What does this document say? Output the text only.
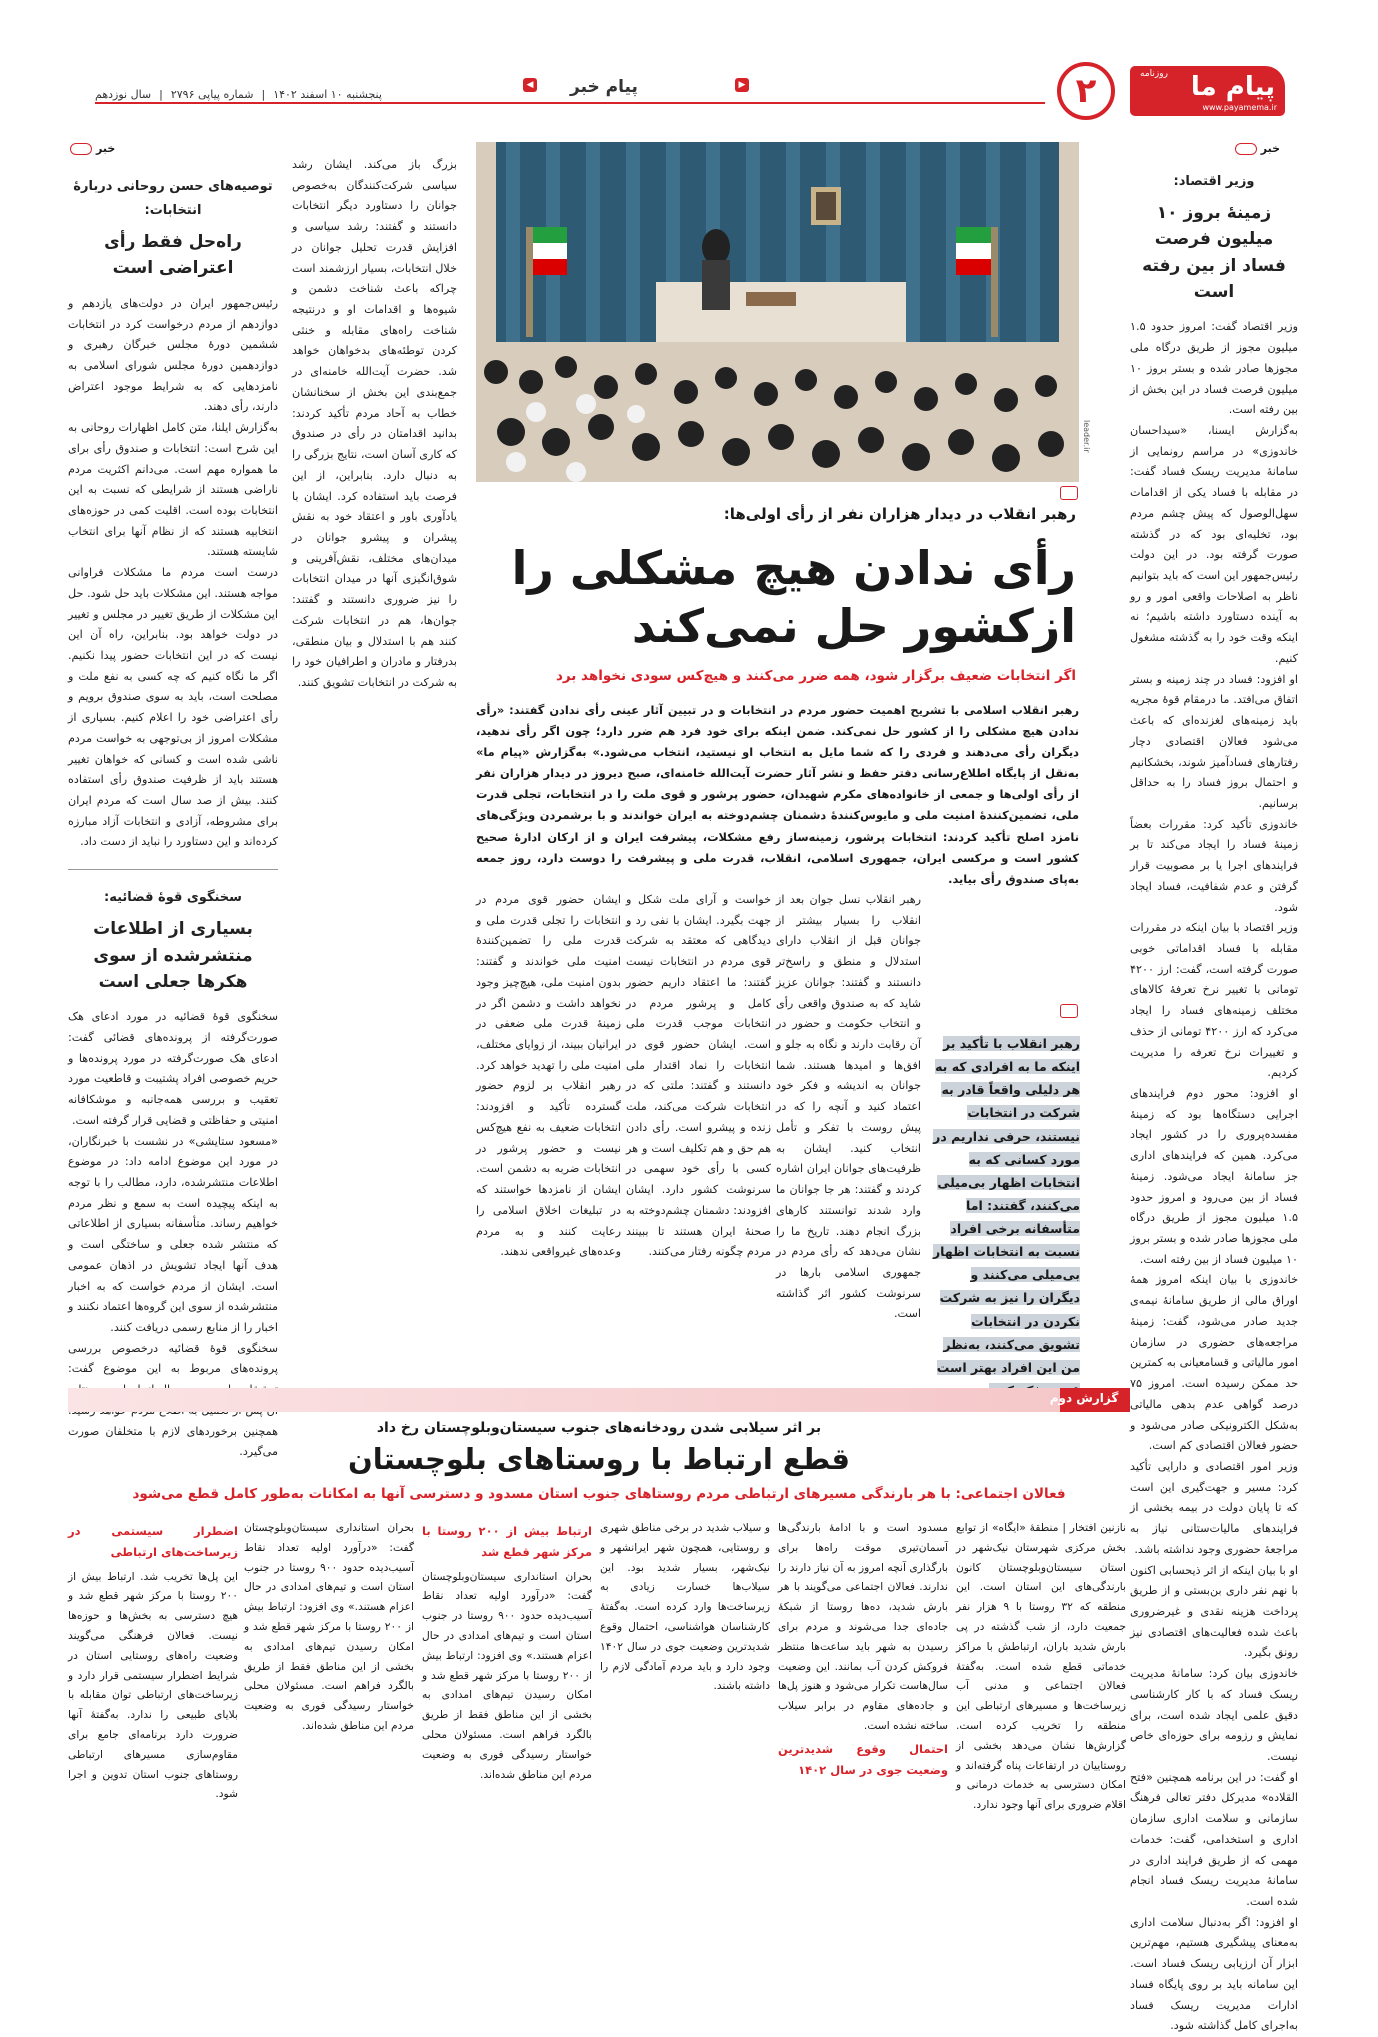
روزنامه پیام ما
www.payamema.ir
۲
▶
پیام خبر
◀
پنجشنبه ۱۰ اسفند ۱۴۰۲
|
شماره پیاپی ۲۷۹۶
|
سال نوزدهم
خبر
وزیر اقتصاد:
زمینۀ بروز ۱۰ میلیون فرصت فساد از بین رفته است

وزیر اقتصاد گفت: امروز حدود ۱.۵ میلیون مجوز از طریق درگاه ملی مجوزها صادر شده و بستر بروز ۱۰ میلیون فرصت فساد در این بخش از بین رفته است.

به‌گزارش ایسنا، «سیداحسان خاندوزی» در مراسم رونمایی از سامانۀ مدیریت ریسک فساد گفت: در مقابله با فساد یکی از اقدامات سهل‌الوصول که پیش چشم مردم بود، تخلیه‌ای بود که در گذشته صورت گرفته بود. در این دولت رئیس‌جمهور این است که باید بتوانیم ناظر به اصلاحات واقعی امور و رو به آینده دستاورد داشته باشیم؛ نه اینکه وقت خود را به گذشته مشغول کنیم.

او افزود: فساد در چند زمینه و بستر اتفاق می‌افتد. ما درمقام قوۀ مجریه باید زمینه‌های لغزنده‌ای که باعث می‌شود فعالان اقتصادی دچار رفتارهای فسادآمیز شوند، بخشکانیم و احتمال بروز فساد را به حداقل برسانیم.

خاندوزی تأکید کرد: مقررات بعضاً زمینۀ فساد را ایجاد می‌کند تا بر فرایندهای اجرا یا بر مصوبیت قرار گرفتن و عدم شفافیت، فساد ایجاد شود.

وزیر اقتصاد با بیان اینکه در مقررات مقابله با فساد اقداماتی خوبی صورت گرفته است، گفت: ارز ۴۲۰۰ تومانی با تغییر نرخ تعرفۀ کالاهای مختلف زمینه‌های فساد را ایجاد می‌کرد که ارز ۴۲۰۰ تومانی از حذف و تغییرات نرخ تعرفه را مدیریت کردیم.

او افزود: محور دوم فرایندهای اجرایی دستگاه‌ها بود که زمینۀ مفسده‌پروری را در کشور ایجاد می‌کرد. همین که فرایندهای اداری جز سامانۀ ایجاد می‌شود. زمینۀ فساد از بین می‌رود و امروز حدود ۱.۵ میلیون مجوز از طریق درگاه ملی مجوزها صادر شده و بستر بروز ۱۰ میلیون فساد از بین رفته است.

خاندوزی با بیان اینکه امروز همۀ اوراق مالی از طریق سامانۀ نیمه‌ی جدید صادر می‌شود، گفت: زمینۀ مراجعه‌های حضوری در سازمان امور مالیاتی و قسامعیانی به کمترین حد ممکن رسیده است. امروز ۷۵ درصد گواهی عدم بدهی مالیاتی به‌شکل الکترونیکی صادر می‌شود و حضور فعالان اقتصادی کم است.

وزیر امور اقتصادی و دارایی تأکید کرد: مسیر و جهت‌گیری این است که تا پایان دولت در بیمه بخشی از فرایندهای مالیات‌ستانی نیاز به مراجعۀ حضوری وجود نداشته باشد.

او با بیان اینکه از اثر ذیحسابی اکنون با نهم نفر داری بن‌بستی و از طریق پرداخت هزینه نقدی و غیرضروری باعث شده فعالیت‌های اقتصادی نیز رونق بگیرد.

خاندوزی بیان کرد: سامانۀ مدیریت ریسک فساد که با کار کارشناسی دقیق علمی ایجاد شده است، برای نمایش و رزومه برای حوزه‌ای خاص نیست.

او گفت: در این برنامه همچنین «فتح القلاده» مدیرکل دفتر تعالی فرهنگ سازمانی و سلامت اداری سازمان اداری و استخدامی، گفت: خدمات مهمی که از طریق فرایند اداری در سامانۀ مدیریت ریسک فساد انجام شده است.

او افزود: اگر به‌دنبال سلامت اداری به‌معنای پیشگیری هستیم، مهم‌ترین ابزار آن ارزیابی ریسک فساد است. این سامانه باید بر روی پایگاه فساد ادارات مدیریت ریسک فساد به‌اجرای کامل گذاشته شود.

leader.ir
رهبر انقلاب در دیدار هزاران نفر از رأی اولی‌ها:
رأی ندادن هیچ مشکلی را
ازکشور حل نمی‌کند
اگر انتخابات ضعیف برگزار شود، همه ضرر می‌کنند و هیچ‌کس سودی نخواهد برد
رهبر انقلاب اسلامی با تشریح اهمیت حضور مردم در انتخابات و در تبیین آثار عینی رأی ندادن گفتند: «رأی ندادن هیچ مشکلی را از کشور حل نمی‌کند. ضمن اینکه برای خود فرد هم ضرر دارد؛ چون اگر رأی ندهید، دیگران رأی می‌دهند و فردی را که شما مایل به انتخاب او نیستید، انتخاب می‌شود.» به‌گزارش «پیام ما» به‌نقل از پایگاه اطلاع‌رسانی دفتر حفظ و نشر آثار حضرت آیت‌الله خامنه‌ای، صبح دیروز در دیدار هزاران نفر از رأی اولی‌ها و جمعی از خانواده‌های مکرم شهیدان، حضور پرشور و قوی ملت را در انتخابات، تجلی قدرت ملی، تضمین‌کنندۀ امنیت ملی و مایوس‌کنندۀ دشمنان چشم‌دوخته به ایران خواندند و با برشمردن ویژگی‌های نامزد اصلح تأکید کردند: انتخابات پرشور، زمینه‌ساز رفع مشکلات، پیشرفت ایران و از ارکان ادارۀ صحیح کشور است و مرکسی ایران، جمهوری اسلامی، انقلاب، قدرت ملی و پیشرفت را دوست دارد، روز جمعه به‌پای صندوق رأی بیاید.
رهبر انقلاب با تأکید بر اینکه ما به افرادی که به هر دلیلی واقعاً قادر به شرکت در انتخابات نیستند، حرفی نداریم در مورد کسانی که به انتخابات اظهار بی‌میلی می‌کنند، گفتند: اما متأسفانه برخی افراد نسبت به انتخابات اظهار بی‌میلی می‌کنند و دیگران را نیز به شرکت نکردن در انتخابات تشویق می‌کنند، به‌نظر من این افراد بهتر است
رهبر انقلاب نسل جوان بعد از انقلاب را بسیار بیشتر از جوانان قبل از انقلاب دارای استدلال و منطق و راسخ‌تر دانستند و گفتند: جوانان عزیز شاید که به صندوق واقعی رأی و انتخاب حکومت و حضور در آن رقابت دارند و نگاه به جلو و افق‌ها و امیدها هستند. شما جوانان به اندیشه و فکر خود اعتماد کنید و آنچه را که در پیش روست با تفکر و تأمل انتخاب کنید. ایشان به ظرفیت‌های جوانان ایران اشاره کردند و گفتند: هر جا جوانان ما وارد شدند توانستند کارهای بزرگ انجام دهند. تاریخ ما را نشان می‌دهد که رأی مردم در جمهوری اسلامی بارها در سرنوشت کشور اثر گذاشته است.
خواست و آرای ملت شکل و جهت بگیرد. ایشان با نفی رد و دیدگاهی که معتقد به شرکت قوی مردم در انتخابات نیست گفتند: ما اعتقاد داریم حضور کامل و پرشور مردم در انتخابات موجب قدرت ملی است. ایشان حضور قوی در انتخابات را نماد اقتدار ملی دانستند و گفتند: ملتی که در انتخابات شرکت می‌کند، ملت زنده و پیشرو است. رأی دادن هم حق و هم تکلیف است و هر کسی با رأی خود سهمی در سرنوشت کشور دارد. ایشان افزودند: دشمنان چشم‌دوخته به صحنۀ ایران هستند تا ببینند مردم چگونه رفتار می‌کنند.
ایشان حضور قوی مردم در انتخابات را تجلی قدرت ملی و قدرت ملی را تضمین‌کنندۀ امنیت ملی خواندند و گفتند: بدون امنیت ملی، هیچ‌چیز وجود نخواهد داشت و دشمن اگر در زمینۀ قدرت ملی ضعفی در ایرانیان ببیند، از زوایای مختلف، امنیت ملی را تهدید خواهد کرد. رهبر انقلاب بر لزوم حضور گسترده تأکید و افزودند: انتخابات ضعیف به نفع هیچ‌کس نیست و حضور پرشور در انتخابات ضربه به دشمن است. ایشان از نامزدها خواستند که در تبلیغات اخلاق اسلامی را رعایت کنند و به مردم وعده‌های غیرواقعی ندهند.
بزرگ باز می‌کند. ایشان رشد سیاسی شرکت‌کنندگان به‌خصوص جوانان را دستاورد دیگر انتخابات دانستند و گفتند: رشد سیاسی و افزایش قدرت تحلیل جوانان در خلال انتخابات، بسیار ارزشمند است چراکه باعث شناخت دشمن و شیوه‌ها و اقدامات او و درنتیجه شناخت راه‌های مقابله و خنثی کردن توطئه‌های بدخواهان خواهد شد. حضرت آیت‌الله خامنه‌ای در جمع‌بندی این بخش از سخنانشان خطاب به آحاد مردم تأکید کردند: بدانید اقدامتان در رأی در صندوق که کاری آسان است، نتایج بزرگی را به دنبال دارد. بنابراین، از این فرصت باید استفاده کرد. ایشان با یادآوری باور و اعتقاد خود به نقش پیشران و پیشرو جوانان در میدان‌های مختلف، نقش‌آفرینی و شوق‌انگیزی آنها در میدان انتخابات را نیز ضروری دانستند و گفتند: جوان‌ها، هم در انتخابات شرکت کنند هم با استدلال و بیان منطقی، بدرفتار و مادران و اطرافیان خود را به شرکت در انتخابات تشویق کنند.
خبر
توصیه‌های حسن روحانی دربارۀ انتخابات:
راه‌حل فقط رأی اعتراضی است

رئیس‌جمهور ایران در دولت‌های یازدهم و دوازدهم از مردم درخواست کرد در انتخابات ششمین دورۀ مجلس خبرگان رهبری و دوازدهمین دورۀ مجلس شورای اسلامی به نامزدهایی که به شرایط موجود اعتراض دارند، رأی دهند.

به‌گزارش ایلنا، متن کامل اظهارات روحانی به این شرح است: انتخابات و صندوق رأی برای ما همواره مهم است. می‌دانم اکثریت مردم ناراضی هستند از شرایطی که نسبت به این انتخابات بوده است. اقلیت کمی در حوزه‌های انتخابیه هستند که از نظام آنها برای انتخاب شایسته هستند.

درست است مردم ما مشکلات فراوانی مواجه هستند. این مشکلات باید حل شود. حل این مشکلات از طریق تغییر در مجلس و تغییر در دولت خواهد بود. بنابراین، راه آن این نیست که در این انتخابات حضور پیدا نکنیم. اگر ما نگاه کنیم که چه کسی به نفع ملت و مصلحت است، باید به سوی صندوق برویم و رأی اعتراضی خود را اعلام کنیم. بسیاری از مشکلات امروز از بی‌توجهی به خواست مردم ناشی شده است و کسانی که خواهان تغییر هستند باید از ظرفیت صندوق رأی استفاده کنند. بیش از صد سال است که مردم ایران برای مشروطه، آزادی و انتخابات آزاد مبارزه کرده‌اند و این دستاورد را نباید از دست داد.

سخنگوی قوۀ قضائیه:
بسیاری از اطلاعات منتشرشده از سوی هکرها جعلی است

سخنگوی قوۀ قضائیه در مورد ادعای هک صورت‌گرفته از پرونده‌های قضائی گفت: ادعای هک صورت‌گرفته در مورد پرونده‌ها و حریم خصوصی افراد پشتیبت و قاطعیت مورد تعقیب و بررسی همه‌جانبه و موشکافانه امنیتی و حفاظتی و قضایی قرار گرفته است.

«مسعود ستایشی» در نشست با خبرنگاران، در مورد این موضوع ادامه داد: در موضوع اطلاعات منتشرشده، دارد، مطالب را با توجه به اینکه پیچیده است به سمع و نظر مردم خواهیم رساند. متأسفانه بسیاری از اطلاعاتی که منتشر شده جعلی و ساختگی است و هدف آنها ایجاد تشویش در اذهان عمومی است. ایشان از مردم خواست که به اخبار منتشرشده از سوی این گروه‌ها اعتماد نکنند و اخبار را از منابع رسمی دریافت کنند.

سخنگوی قوۀ قضائیه درخصوص بررسی پرونده‌های مربوط به این موضوع گفت: همچنین برخوردهای لازم با متخلفان صورت می‌گیرد.

گزارش دوم
بر اثر سیلابی شدن رودخانه‌های جنوب سیستان‌وبلوچستان رخ داد
قطع ارتباط با روستاهای بلوچستان
فعالان اجتماعی: با هر بارندگی مسیرهای ارتباطی مردم روستاهای جنوب استان مسدود و دسترسی آنها به امکانات به‌طور کامل قطع می‌شود

نازنین افتخار | منطقۀ «ایگاه» از توابع بخش مرکزی شهرستان نیک‌شهر در استان سیستان‌وبلوچستان کانون بارندگی‌های این استان است. این منطقه که ۳۲ روستا با ۹ هزار نفر جمعیت دارد، از شب گذشته در پی بارش شدید باران، ارتباطش با مراکز خدماتی قطع شده است. به‌گفتۀ فعالان اجتماعی و مدنی آب زیرساخت‌ها و مسیرهای ارتباطی این منطقه را تخریب کرده است. گزارش‌ها نشان می‌دهد بخشی از روستاییان در ارتفاعات پناه گرفته‌اند و امکان دسترسی به خدمات درمانی و اقلام ضروری برای آنها وجود ندارد.

مسدود است و با ادامۀ بارندگی‌ها آسمان‌تیری موقت راه‌ها برای بارگذاری آنچه امروز به آن نیاز دارند را ندارند. فعالان اجتماعی می‌گویند با هر بارش شدید، ده‌ها روستا از شبکۀ جاده‌ای جدا می‌شوند و مردم برای رسیدن به شهر باید ساعت‌ها منتظر فروکش کردن آب بمانند. این وضعیت سال‌هاست تکرار می‌شود و هنوز پل‌ها و جاده‌های مقاوم در برابر سیلاب ساخته نشده است.

احتمال وقوع شدیدترین وضعیت جوی در سال ۱۴۰۲

و سیلاب شدید در برخی مناطق شهری و روستایی، همچون شهر ایرانشهر و نیک‌شهر، بسیار شدید بود. این سیلاب‌ها خسارت زیادی به زیرساخت‌ها وارد کرده است. به‌گفتۀ کارشناسان هواشناسی، احتمال وقوع شدیدترین وضعیت جوی در سال ۱۴۰۲ وجود دارد و باید مردم آمادگی لازم را داشته باشند.

ارتباط بیش از ۲۰۰ روستا با مرکز شهر قطع شد

بحران استانداری سیستان‌وبلوچستان گفت: «درآورد اولیه تعداد نقاط آسیب‌دیده حدود ۹۰۰ روستا در جنوب استان است و تیم‌های امدادی در حال اعزام هستند.» وی افزود: ارتباط بیش از ۲۰۰ روستا با مرکز شهر قطع شد و امکان رسیدن تیم‌های امدادی به بخشی از این مناطق فقط از طریق بالگرد فراهم است. مسئولان محلی خواستار رسیدگی فوری به وضعیت مردم این مناطق شده‌اند.

بحران استانداری سیستان‌وبلوچستان گفت: «درآورد اولیه تعداد نقاط آسیب‌دیده حدود ۹۰۰ روستا در جنوب استان است و تیم‌های امدادی در حال اعزام هستند.» وی افزود: ارتباط بیش از ۲۰۰ روستا با مرکز شهر قطع شد و امکان رسیدن تیم‌های امدادی به بخشی از این مناطق فقط از طریق بالگرد فراهم است. مسئولان محلی خواستار رسیدگی فوری به وضعیت مردم این مناطق شده‌اند.

اضطرار سیستمی در زیرساخت‌های ارتباطی

این پل‌ها تخریب شد. ارتباط بیش از ۲۰۰ روستا با مرکز شهر قطع شد و هیچ دسترسی به بخش‌ها و حوزه‌ها نیست. فعالان فرهنگی می‌گویند وضعیت راه‌های روستایی استان در شرایط اضطرار سیستمی قرار دارد و زیرساخت‌های ارتباطی توان مقابله با بلایای طبیعی را ندارد. به‌گفتۀ آنها ضرورت دارد برنامه‌ای جامع برای مقاوم‌سازی مسیرهای ارتباطی روستاهای جنوب استان تدوین و اجرا شود.
